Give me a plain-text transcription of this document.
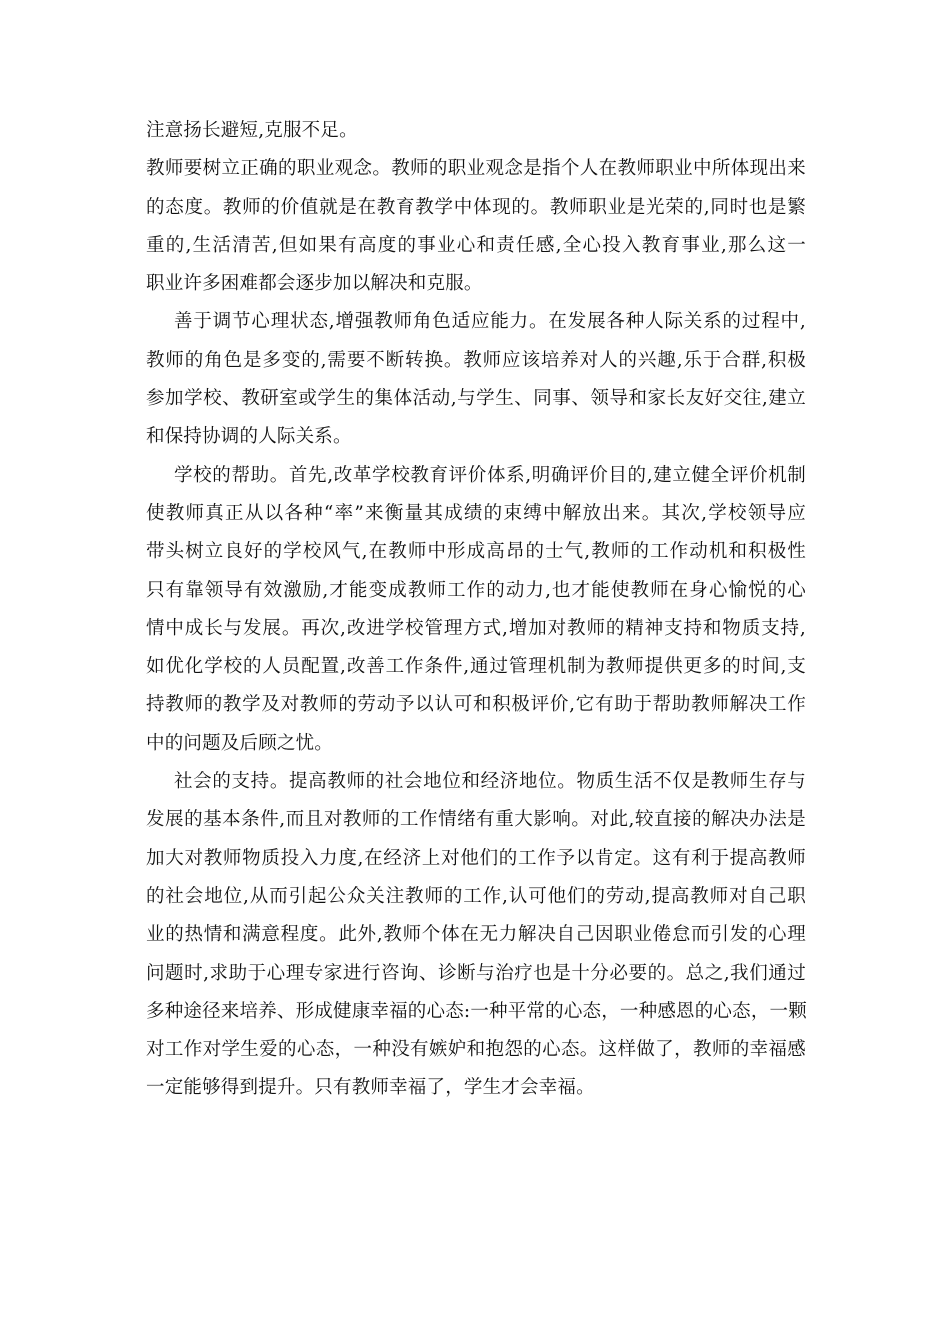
注意扬长避短,克服不足。
教师要树立正确的职业观念。教师的职业观念是指个人在教师职业中所体现出来
的态度。教师的价值就是在教育教学中体现的。教师职业是光荣的,同时也是繁
重的,生活清苦,但如果有高度的事业心和责任感,全心投入教育事业,那么这一
职业许多困难都会逐步加以解决和克服。
善于调节心理状态,增强教师角色适应能力。在发展各种人际关系的过程中,
教师的角色是多变的,需要不断转换。教师应该培养对人的兴趣,乐于合群,积极
参加学校、教研室或学生的集体活动,与学生、同事、领导和家长友好交往,建立
和保持协调的人际关系。
学校的帮助。首先,改革学校教育评价体系,明确评价目的,建立健全评价机制
使教师真正从以各种“率”来衡量其成绩的束缚中解放出来。其次,学校领导应
带头树立良好的学校风气,在教师中形成高昂的士气,教师的工作动机和积极性
只有靠领导有效激励,才能变成教师工作的动力,也才能使教师在身心愉悦的心
情中成长与发展。再次,改进学校管理方式,增加对教师的精神支持和物质支持,
如优化学校的人员配置,改善工作条件,通过管理机制为教师提供更多的时间,支
持教师的教学及对教师的劳动予以认可和积极评价,它有助于帮助教师解决工作
中的问题及后顾之忧。
社会的支持。提高教师的社会地位和经济地位。物质生活不仅是教师生存与
发展的基本条件,而且对教师的工作情绪有重大影响。对此,较直接的解决办法是
加大对教师物质投入力度,在经济上对他们的工作予以肯定。这有利于提高教师
的社会地位,从而引起公众关注教师的工作,认可他们的劳动,提高教师对自己职
业的热情和满意程度。此外,教师个体在无力解决自己因职业倦怠而引发的心理
问题时,求助于心理专家进行咨询、诊断与治疗也是十分必要的。总之,我们通过
多种途径来培养、形成健康幸福的心态:一种平常的心态，一种感恩的心态，一颗
对工作对学生爱的心态，一种没有嫉妒和抱怨的心态。这样做了，教师的幸福感
一定能够得到提升。只有教师幸福了，学生才会幸福。
